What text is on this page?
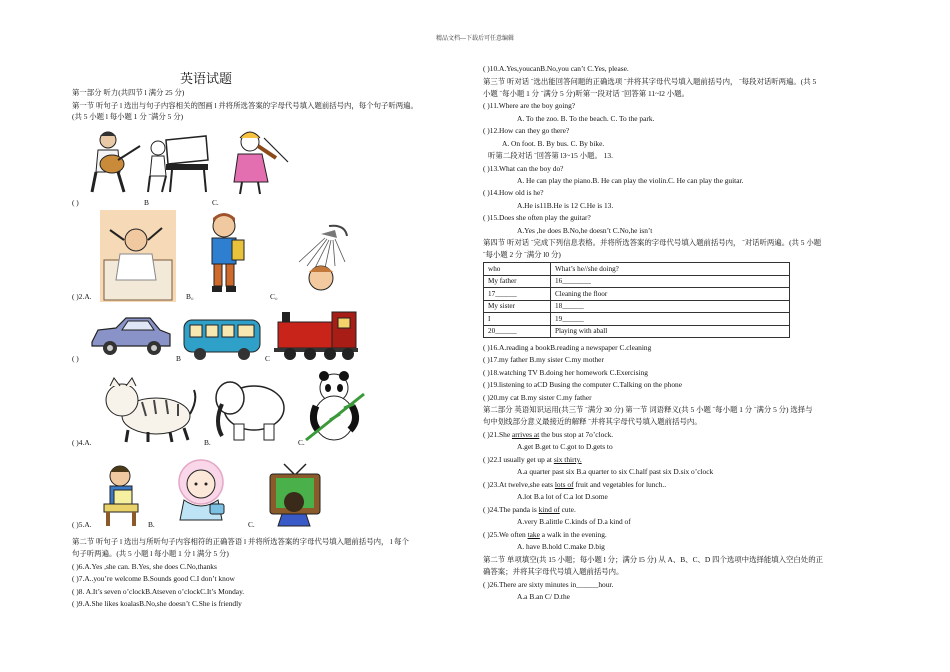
精品文档---下载后可任意编辑
英语试题
第一部分 听力(共四节 l 满分 25 分)
第一节 听句子 l 选出与句子内容相关的图画 l 并将所选答案的字母代号填入题前括号内，每个句子听两遍。
(共 5 小题 l 每小题 1 分 ˉ满分 5 分)
( )	B	C.
( )2.A.	B。	C。
( )	B	C
( )4.A.	B.	C.
( )5.A.	B.	C.
第二节 听句子 l 选出与所听句子内容相符的正确答语 l 并将所选答案的字母代号填入题前括号内， l 每个
句子听两遍。(共 5 小题 l 每小题 1 分 l 满分 5 分)
( )6.A.Yes ,she can. B.Yes, she does C.No,thanks
( )7.A..you’re welcome B.Sounds good C.I don’t know
( )8. A.It’s seven o’clockB.Atseven o’clockC.It’s Monday.
( )9.A.She likes koalasB.No,she doesn’t C.She is friendly
( )10.A.Yes,youcanB.No,you can’t C.Yes, please.
第三节 听对话 ˉ选出能回答问题的正确选项 ˉ并将其字母代号填入题前括号内， ˉ每段对话听两遍。(共 5
小题 ˉ每小题 1 分 ˉ满分 5 分)听第一段对话 ˉ回答第 11~l2 小题。
( )11.Where are the boy going?
A. To the zoo. B. To the beach. C. To the park.
( )12.How can they go there?
A. On foot. B. By bus. C. By bike.
听第二段对话 ˉ回答第 l3~15 小题。 13.
( )13.What can the boy do?
A. He can play the piano.B. He can play the violin.C. He can play the guitar.
( )14.How old is he?
A.He is11B.He is 12 C.He is 13.
( )15.Does she often play the guitar?
A.Yes ,he does B.No,he doesn’t C.No,he isn’t
第四节 听对话 ˉ完成下列信息表格。并将所选答案的字母代号填入题前括号内， ˉ对话听两遍。(共 5 小题
ˉ每小题 2 分 ˉ满分 l0 分)
who	What’s he//she doing?
My father	16________
17______	Cleaning the floor
My sister	18______
I	19______
20______	Playing with aball
( )16.A.reading a bookB.reading a newspaper C.cleaning
( )17.my father B.my sister C.my mother
( )18.watching TV B.doing her homework C.Exercising
( )19.listening to aCD Busing the computer C.Talking on the phone
( )20.my cat B.my sister C.my father
第二部分 英语知识运用(共三节 ˉ满分 30 分) 第一节 词语释义(共 5 小题 ˉ每小题 1 分 ˉ满分 5 分) 选择与
句中划线部分意义最接近的解释 ˉ并将其字母代号填入题前括号内。
( )21.She arrives at the bus stop at 7o’clock.
A.get B.get to C.got to D.gets to
( )22.I usually get up at six thirty.
A.a quarter past six B.a quarter to six C.half past six D.six o’clock
( )23.At twelve,she eats lots of fruit and vegetables for lunch..
A.lot B.a lot of C.a lot D.some
( )24.The panda is kind of cute.
A.very B.alittle C.kinds of D.a kind of
( )25.We often take a walk in the evening.
A. have B.hold C.make D.big
第二节 单项填空(共 15 小题；每小题 l 分；满分 l5 分) 从 A、B、C、D 四个选项中选择能填入空白处的正
确答案；并将其字母代号填入题前括号内。
( )26.There are sixty minutes in______hour.
A.a B.an C/ D.the
